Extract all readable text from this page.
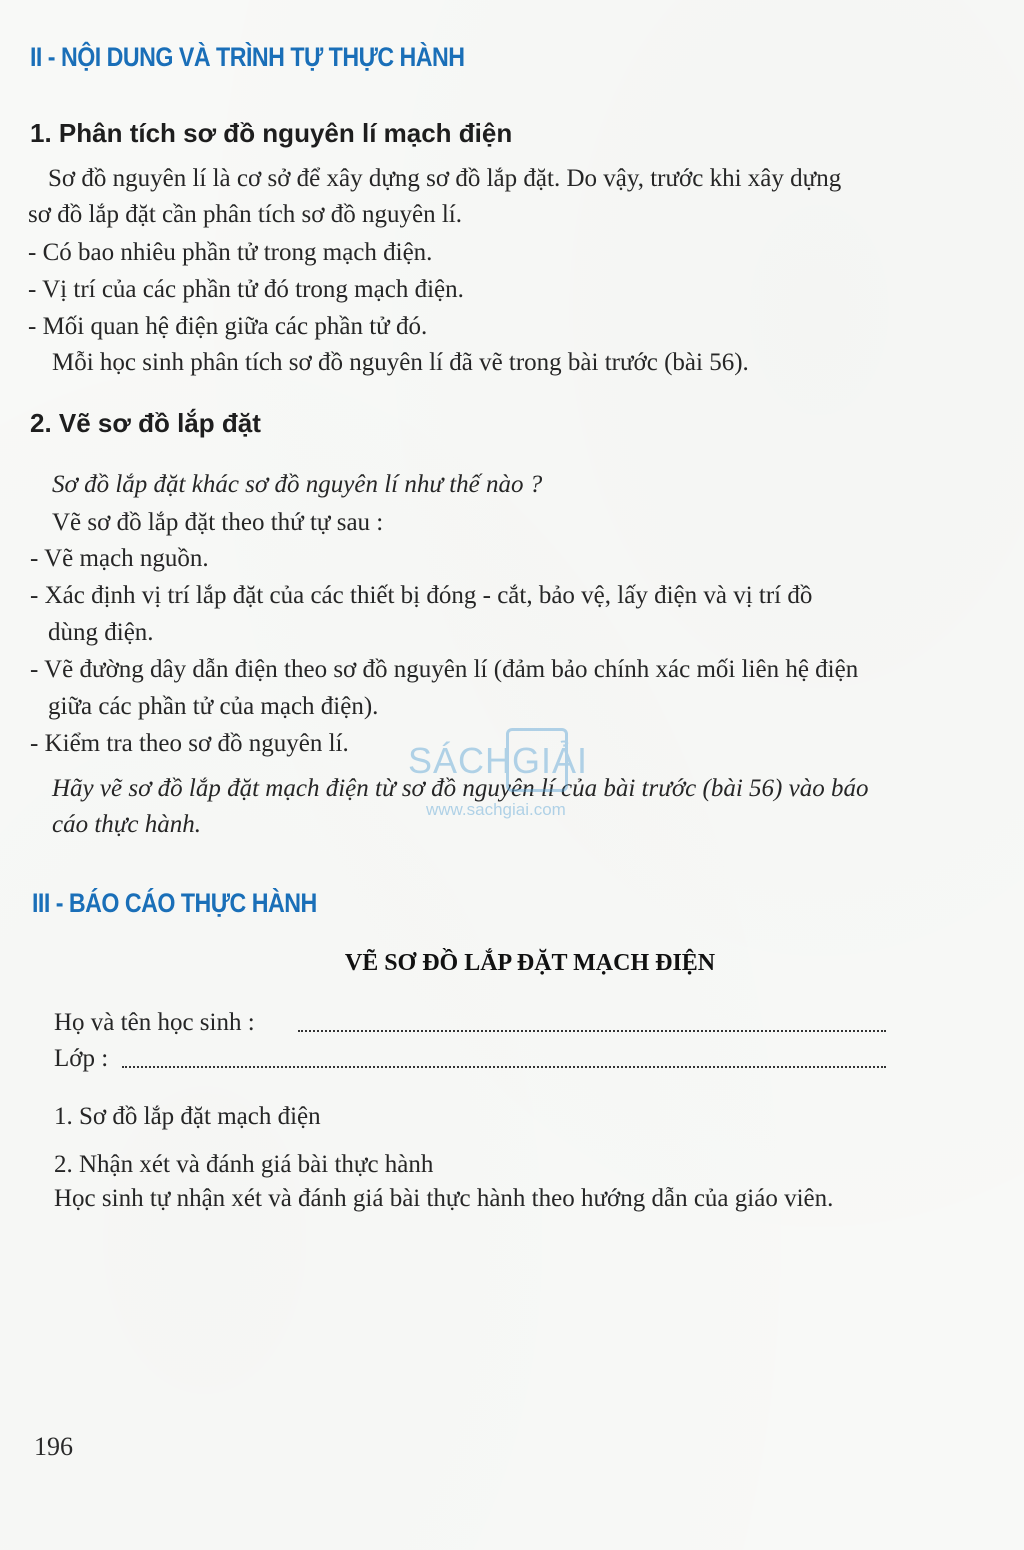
II - NỘI DUNG VÀ TRÌNH TỰ THỰC HÀNH
1. Phân tích sơ đồ nguyên lí mạch điện
Sơ đồ nguyên lí là cơ sở để xây dựng sơ đồ lắp đặt. Do vậy, trước khi xây dựng
sơ đồ lắp đặt cần phân tích sơ đồ nguyên lí.
- Có bao nhiêu phần tử trong mạch điện.
- Vị trí của các phần tử đó trong mạch điện.
- Mối quan hệ điện giữa các phần tử đó.
Mỗi học sinh phân tích sơ đồ nguyên lí đã vẽ trong bài trước (bài 56).
2. Vẽ sơ đồ lắp đặt
Sơ đồ lắp đặt khác sơ đồ nguyên lí như thế nào ?
Vẽ sơ đồ lắp đặt theo thứ tự sau :
- Vẽ mạch nguồn.
- Xác định vị trí lắp đặt của các thiết bị đóng - cắt, bảo vệ, lấy điện và vị trí đồ
dùng điện.
- Vẽ đường dây dẫn điện theo sơ đồ nguyên lí (đảm bảo chính xác mối liên hệ điện
giữa các phần tử của mạch điện).
- Kiểm tra theo sơ đồ nguyên lí.
Hãy vẽ sơ đồ lắp đặt mạch điện từ sơ đồ nguyên lí của bài trước (bài 56) vào báo
cáo thực hành.
SÁCHGIẢI
www.sachgiai.com
III - BÁO CÁO THỰC HÀNH
VẼ SƠ ĐỒ LẮP ĐẶT MẠCH ĐIỆN
Họ và tên học sinh :
Lớp :
1. Sơ đồ lắp đặt mạch điện
2. Nhận xét và đánh giá bài thực hành
Học sinh tự nhận xét và đánh giá bài thực hành theo hướng dẫn của giáo viên.
196
